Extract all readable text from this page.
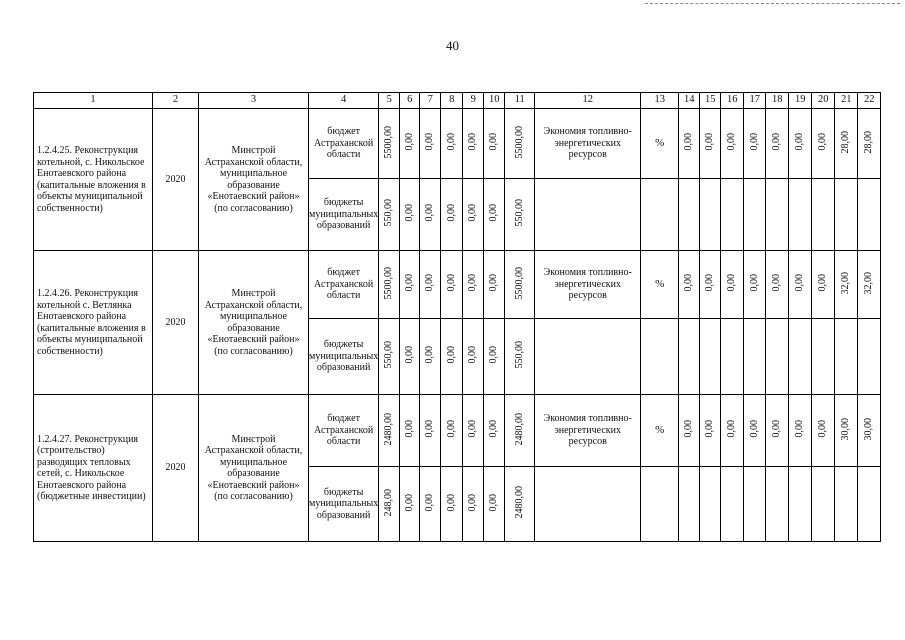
40
1	2	3	4	5	6	7	8	9	10	11	12	13	14	15	16	17	18	19	20	21	22
1.2.4.25. Реконструкция котельной, с. Никольское Енотаевского района (капитальные вложения в объекты муниципальной собственности)	2020	Минстрой Астраханской области, муниципальное образование «Енотаевский район» (по согласованию)	бюджет Астраханской области	5500,00	0,00	0,00	0,00	0,00	0,00	5500,00	Экономия топливно-энергетических ресурсов	%	0,00	0,00	0,00	0,00	0,00	0,00	0,00	28,00	28,00
			бюджеты муниципальных образований	550,00	0,00	0,00	0,00	0,00	0,00	550,00											
1.2.4.26. Реконструкция котельной с. Ветлянка Енотаевского района (капитальные вложения в объекты муниципальной собственности)	2020	Минстрой Астраханской области, муниципальное образование «Енотаевский район» (по согласованию)	бюджет Астраханской области	5500,00	0,00	0,00	0,00	0,00	0,00	5500,00	Экономия топливно-энергетических ресурсов	%	0,00	0,00	0,00	0,00	0,00	0,00	0,00	32,00	32,00
			бюджеты муниципальных образований	550,00	0,00	0,00	0,00	0,00	0,00	550,00											
1.2.4.27. Реконструкция (строительство) разводящих тепловых сетей, с. Никольское Енотаевского района (бюджетные инвестиции)	2020	Минстрой Астраханской области, муниципальное образование «Енотаевский район» (по согласованию)	бюджет Астраханской области	2480,00	0,00	0,00	0,00	0,00	0,00	2480,00	Экономия топливно-энергетических ресурсов	%	0,00	0,00	0,00	0,00	0,00	0,00	0,00	30,00	30,00
			бюджеты муниципальных образований	248,00	0,00	0,00	0,00	0,00	0,00	2480,00											
